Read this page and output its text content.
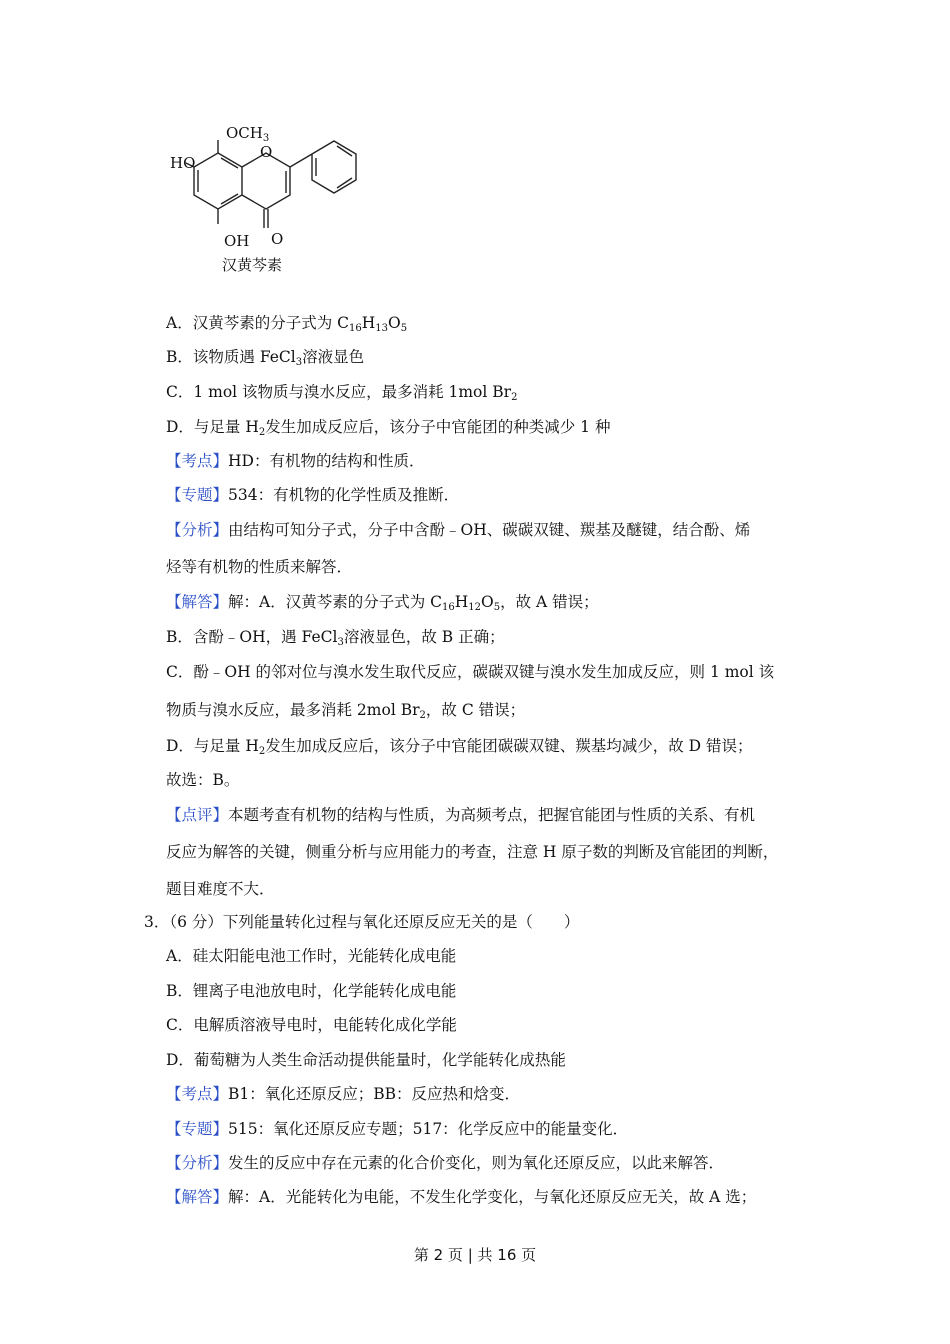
$OCH_3$
HO
O
OH O
汉黄芩素
A．汉黄芩素的分子式为 $C_{16}H_{13}O_5$
B．该物质遇 FeCl$_3$溶液显色
C．1 mol 该物质与溴水反应，最多消耗 1mol $Br_2$
D．与足量 $H_2$发生加成反应后，该分子中官能团的种类减少 1 种
【考点】HD：有机物的结构和性质．
【专题】534：有机物的化学性质及推断．
【分析】由结构可知分子式，分子中含酚﹣OH、碳碳双键、羰基及醚键，结合酚、烯
烃等有机物的性质来解答．
【解答】解：A．汉黄芩素的分子式为 $C_{16}H_{12}O_5$，故 A 错误；
B．含酚﹣OH，遇 FeCl$_3$溶液显色，故 B 正确；
C．酚﹣OH 的邻对位与溴水发生取代反应，碳碳双键与溴水发生加成反应，则 1 mol 该
物质与溴水反应，最多消耗 2mol $Br_2$，故 C 错误；
D．与足量 $H_2$发生加成反应后，该分子中官能团碳碳双键、羰基均减少，故 D 错误；
故选：B。
【点评】本题考查有机物的结构与性质，为高频考点，把握官能团与性质的关系、有机
反应为解答的关键，侧重分析与应用能力的考查，注意 H 原子数的判断及官能团的判断，
题目难度不大．
3．（6 分）下列能量转化过程与氧化还原反应无关的是（　　）
A．硅太阳能电池工作时，光能转化成电能
B．锂离子电池放电时，化学能转化成电能
C．电解质溶液导电时，电能转化成化学能
D．葡萄糖为人类生命活动提供能量时，化学能转化成热能
【考点】B1：氧化还原反应；BB：反应热和焓变．
【专题】515：氧化还原反应专题；517：化学反应中的能量变化．
【分析】发生的反应中存在元素的化合价变化，则为氧化还原反应，以此来解答．
【解答】解：A．光能转化为电能，不发生化学变化，与氧化还原反应无关，故 A 选；
第 2 页 | 共 16 页
